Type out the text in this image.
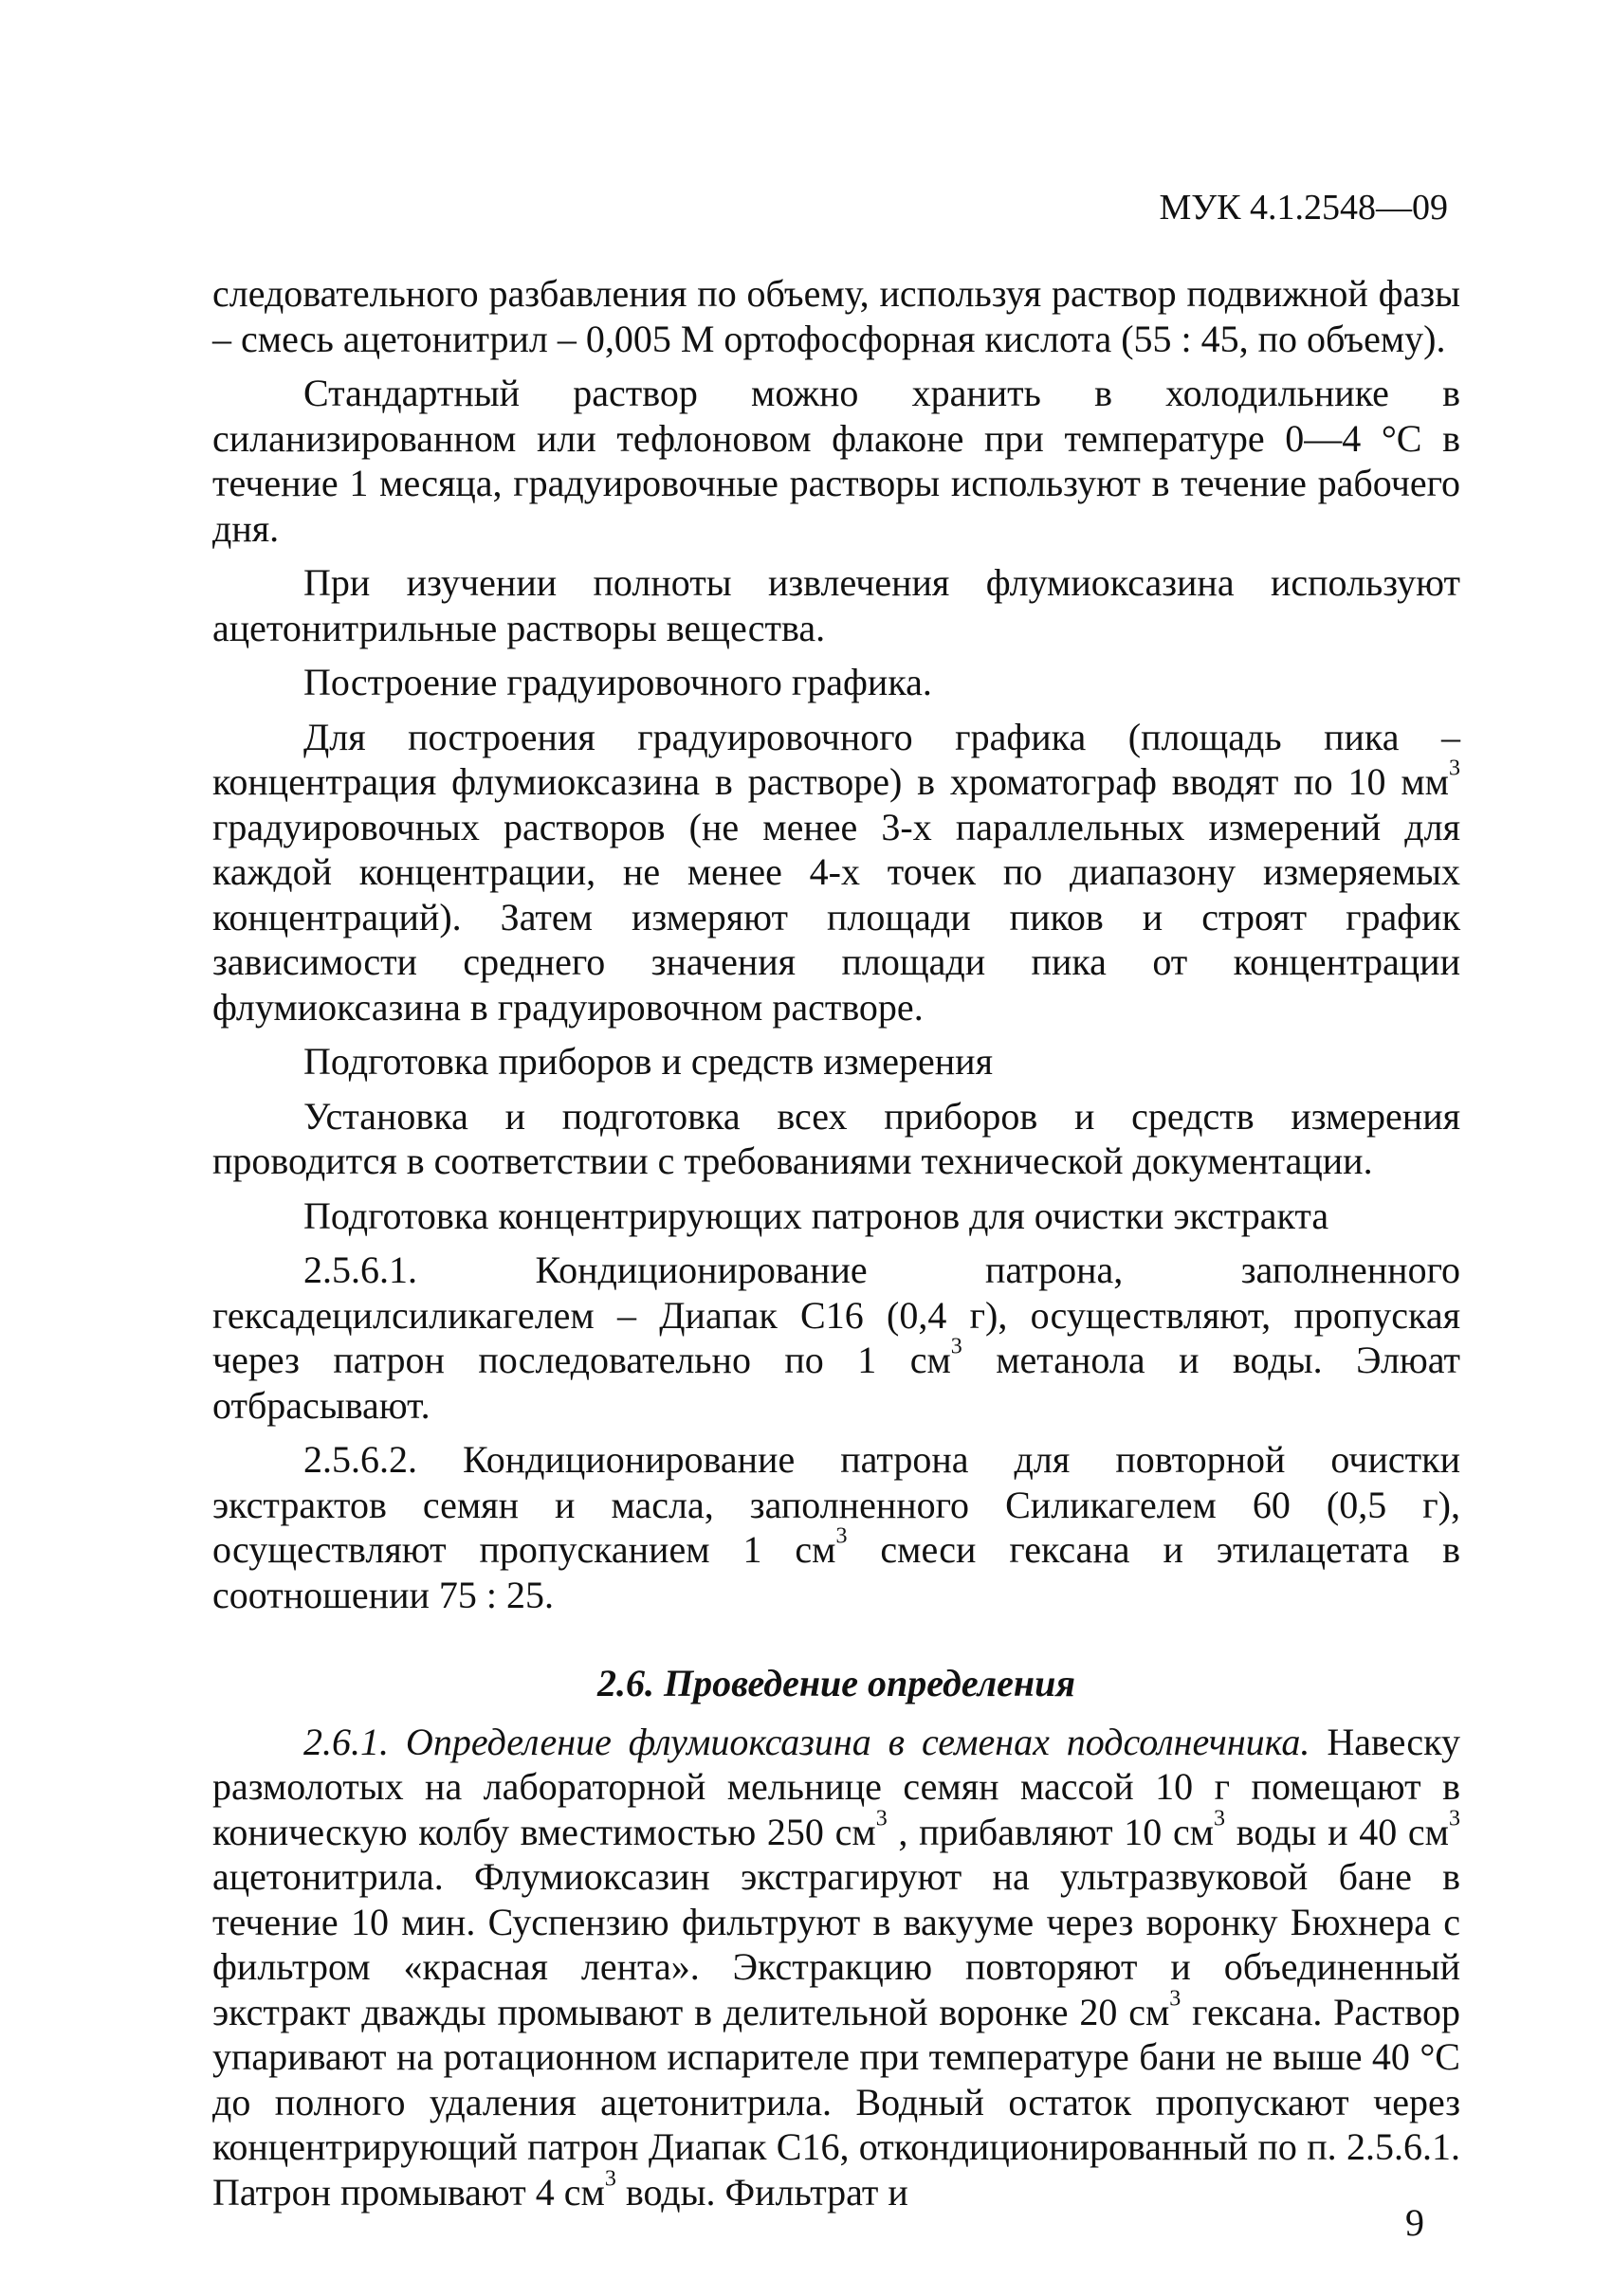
МУК 4.1.2548—09

следовательного разбавления по объему, используя раствор подвижной фазы – смесь ацетонитрил – 0,005 М ортофосфорная кислота (55 : 45, по объему).

Стандартный раствор можно хранить в холодильнике в силанизированном или тефлоновом флаконе при температуре 0—4 °С в течение 1 месяца, градуировочные растворы используют в течение рабочего дня.

При изучении полноты извлечения флумиоксазина используют ацетонитрильные растворы вещества.

Построение градуировочного графика.

Для построения градуировочного графика (площадь пика – концентрация флумиоксазина в растворе) в хроматограф вводят по 10 $мм^3$ градуировочных растворов (не менее 3-х параллельных измерений для каждой концентрации, не менее 4-х точек по диапазону измеряемых концентраций). Затем измеряют площади пиков и строят график зависимости среднего значения площади пика от концентрации флумиоксазина в градуировочном растворе.

Подготовка приборов и средств измерения

Установка и подготовка всех приборов и средств измерения проводится в соответствии с требованиями технической документации.

Подготовка концентрирующих патронов для очистки экстракта

2.5.6.1. Кондиционирование патрона, заполненного гексадецилсиликагелем – Диапак С16 (0,4 г), осуществляют, пропуская через патрон последовательно по 1 $см^3$ метанола и воды. Элюат отбрасывают.

2.5.6.2. Кондиционирование патрона для повторной очистки экстрактов семян и масла, заполненного Силикагелем 60 (0,5 г), осуществляют пропусканием 1 $см^3$ смеси гексана и этилацетата в соотношении 75 : 25.

2.6. Проведение определения

2.6.1. Определение флумиоксазина в семенах подсолнечника. Навеску размолотых на лабораторной мельнице семян массой 10 г помещают в коническую колбу вместимостью 250 $см^3$ , прибавляют 10 $см^3$ воды и 40 $см^3$ ацетонитрила. Флумиоксазин экстрагируют на ультразвуковой бане в течение 10 мин. Суспензию фильтруют в вакууме через воронку Бюхнера с фильтром «красная лента». Экстракцию повторяют и объединенный экстракт дважды промывают в делительной воронке 20 $см^3$ гексана. Раствор упаривают на ротационном испарителе при температуре бани не выше 40 °С до полного удаления ацетонитрила. Водный остаток пропускают через концентрирующий патрон Диапак С16, откондиционированный по п. 2.5.6.1. Патрон промывают 4 $см^3$ воды. Фильтрат и

9
